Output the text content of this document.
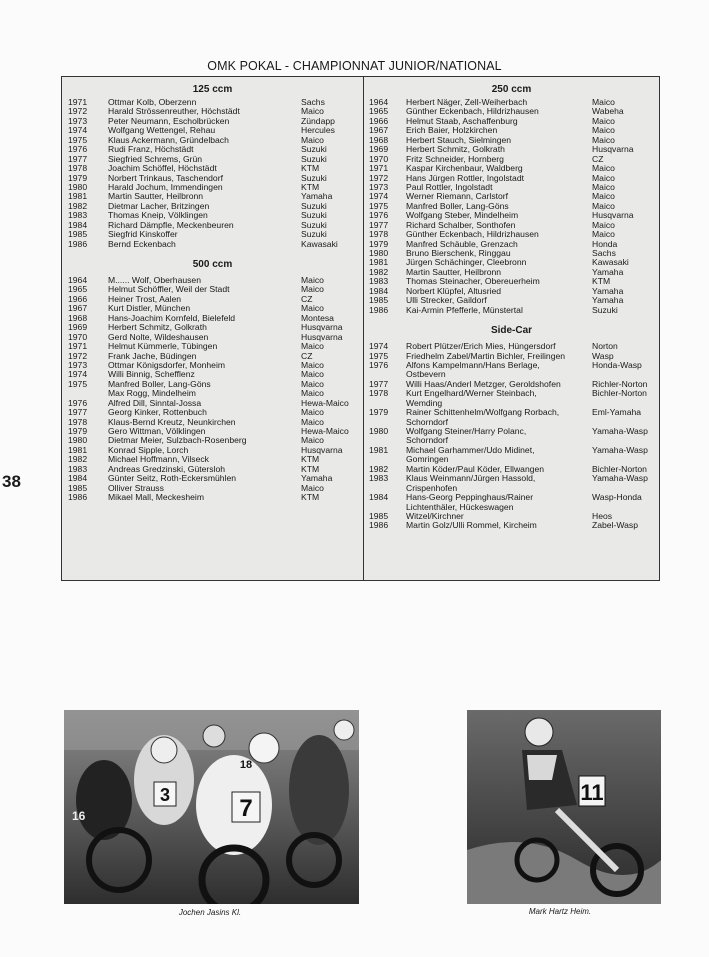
OMK POKAL - CHAMPIONNAT JUNIOR/NATIONAL
125 ccm
1971 Ottmar Kolb, Oberzenn	Sachs
1972 Harald Strössenreuther, Höchstädt	Maico
1973 Peter Neumann, Escholbrücken	Zündapp
1974 Wolfgang Wettengel, Rehau	Hercules
1975 Klaus Ackermann, Gründelbach	Maico
1976 Rudi Franz, Höchstädt	Suzuki
1977 Siegfried Schrems, Grün	Suzuki
1978 Joachim Schöffel, Höchstädt	KTM
1979 Norbert Trinkaus, Taschendorf	Suzuki
1980 Harald Jochum, Immendingen	KTM
1981 Martin Sautter, Heilbronn	Yamaha
1982 Dietmar Lacher, Britzingen	Suzuki
1983 Thomas Kneip, Völklingen	Suzuki
1984 Richard Dämpfle, Meckenbeuren	Suzuki
1985 Siegfrid Kinskoffer	Suzuki
1986 Bernd Eckenbach	Kawasaki
500 ccm
1964 M...... Wolf, Oberhausen	Maico
1965 Helmut Schöffler, Weil der Stadt	Maico
1966 Heiner Trost, Aalen	CZ
1967 Kurt Distler, München	Maico
1968 Hans-Joachim Kornfeld, Bielefeld	Montesa
1969 Herbert Schmitz, Golkrath	Husqvarna
1970 Gerd Nolte, Wildeshausen	Husqvarna
1971 Helmut Kümmerle, Tübingen	Maico
1972 Frank Jache, Büdingen	CZ
1973 Ottmar Königsdorfer, Monheim	Maico
1974 Willi Binnig, Schefflenz	Maico
1975 Manfred Boller, Lang-Göns	Maico
Max Rogg, Mindelheim	Maico
1976 Alfred Dill, Sinntal-Jossa	Hewa-Maico
1977 Georg Kinker, Rottenbuch	Maico
1978 Klaus-Bernd Kreutz, Neunkirchen	Maico
1979 Gero Wittman, Völklingen	Hewa-Maico
1980 Dietmar Meier, Sulzbach-Rosenberg	Maico
1981 Konrad Sipple, Lorch	Husqvarna
1982 Michael Hoffmann, Vilseck	KTM
1983 Andreas Gredzinski, Gütersloh	KTM
1984 Günter Seitz, Roth-Eckersmühlen	Yamaha
1985 Olliver Strauss	Maico
1986 Mikael Mall, Meckesheim	KTM
250 ccm
1964 Herbert Näger, Zell-Weiherbach	Maico
1965 Günther Eckenbach, Hildrizhausen	Wabeha
1966 Helmut Staab, Aschaffenburg	Maico
1967 Erich Baier, Holzkirchen	Maico
1968 Herbert Stauch, Sielmingen	Maico
1969 Herbert Schmitz, Golkrath	Husqvarna
1970 Fritz Schneider, Hornberg	CZ
1971 Kaspar Kirchenbaur, Waldberg	Maico
1972 Hans Jürgen Rottler, Ingolstadt	Maico
1973 Paul Rottler, Ingolstadt	Maico
1974 Werner Riemann, Carlstorf	Maico
1975 Manfred Boller, Lang-Göns	Maico
1976 Wolfgang Steber, Mindelheim	Husqvarna
1977 Richard Schalber, Sonthofen	Maico
1978 Günther Eckenbach, Hildrizhausen	Maico
1979 Manfred Schäuble, Grenzach	Honda
1980 Bruno Bierschenk, Ringgau	Sachs
1981 Jürgen Schächinger, Cleebronn	Kawasaki
1982 Martin Sautter, Heilbronn	Yamaha
1983 Thomas Steinacher, Obereuerheim	KTM
1984 Norbert Klüpfel, Altusried	Yamaha
1985 Ulli Strecker, Gaildorf	Yamaha
1986 Kai-Armin Pfefferle, Münstertal	Suzuki
Side-Car
1974 Robert Plützer/Erich Mies, Hüngersdorf	Norton
1975 Friedhelm Zabel/Martin Bichler, Freilingen	Wasp
1976 Alfons Kampelmann/Hans Berlage,	Honda-Wasp
Ostbevern
1977 Willi Haas/Anderl Metzger, Geroldshofen	Richler-Norton
1978 Kurt Engelhard/Werner Steinbach,	Bichler-Norton
Wemding
1979 Rainer Schittenhelm/Wolfgang Rorbach,	Eml-Yamaha
Schorndorf
1980 Wolfgang Steiner/Harry Polanc,	Yamaha-Wasp
Schorndorf
1981 Michael Garhammer/Udo Midinet,	Yamaha-Wasp
Gomringen
1982 Martin Köder/Paul Köder, Ellwangen	Bichler-Norton
1983 Klaus Weinmann/Jürgen Hassold,	Yamaha-Wasp
Crispenhofen
1984 Hans-Georg Peppinghaus/Rainer	Wasp-Honda
Lichtenthäler, Hückeswagen
1985 Witzel/Kirchner	Heos
1986 Martin Golz/Ulli Rommel, Kircheim	Zabel-Wasp
38
3	7
18
16
Jochen Jasins Kl.
11
Mark Hartz Heim.
